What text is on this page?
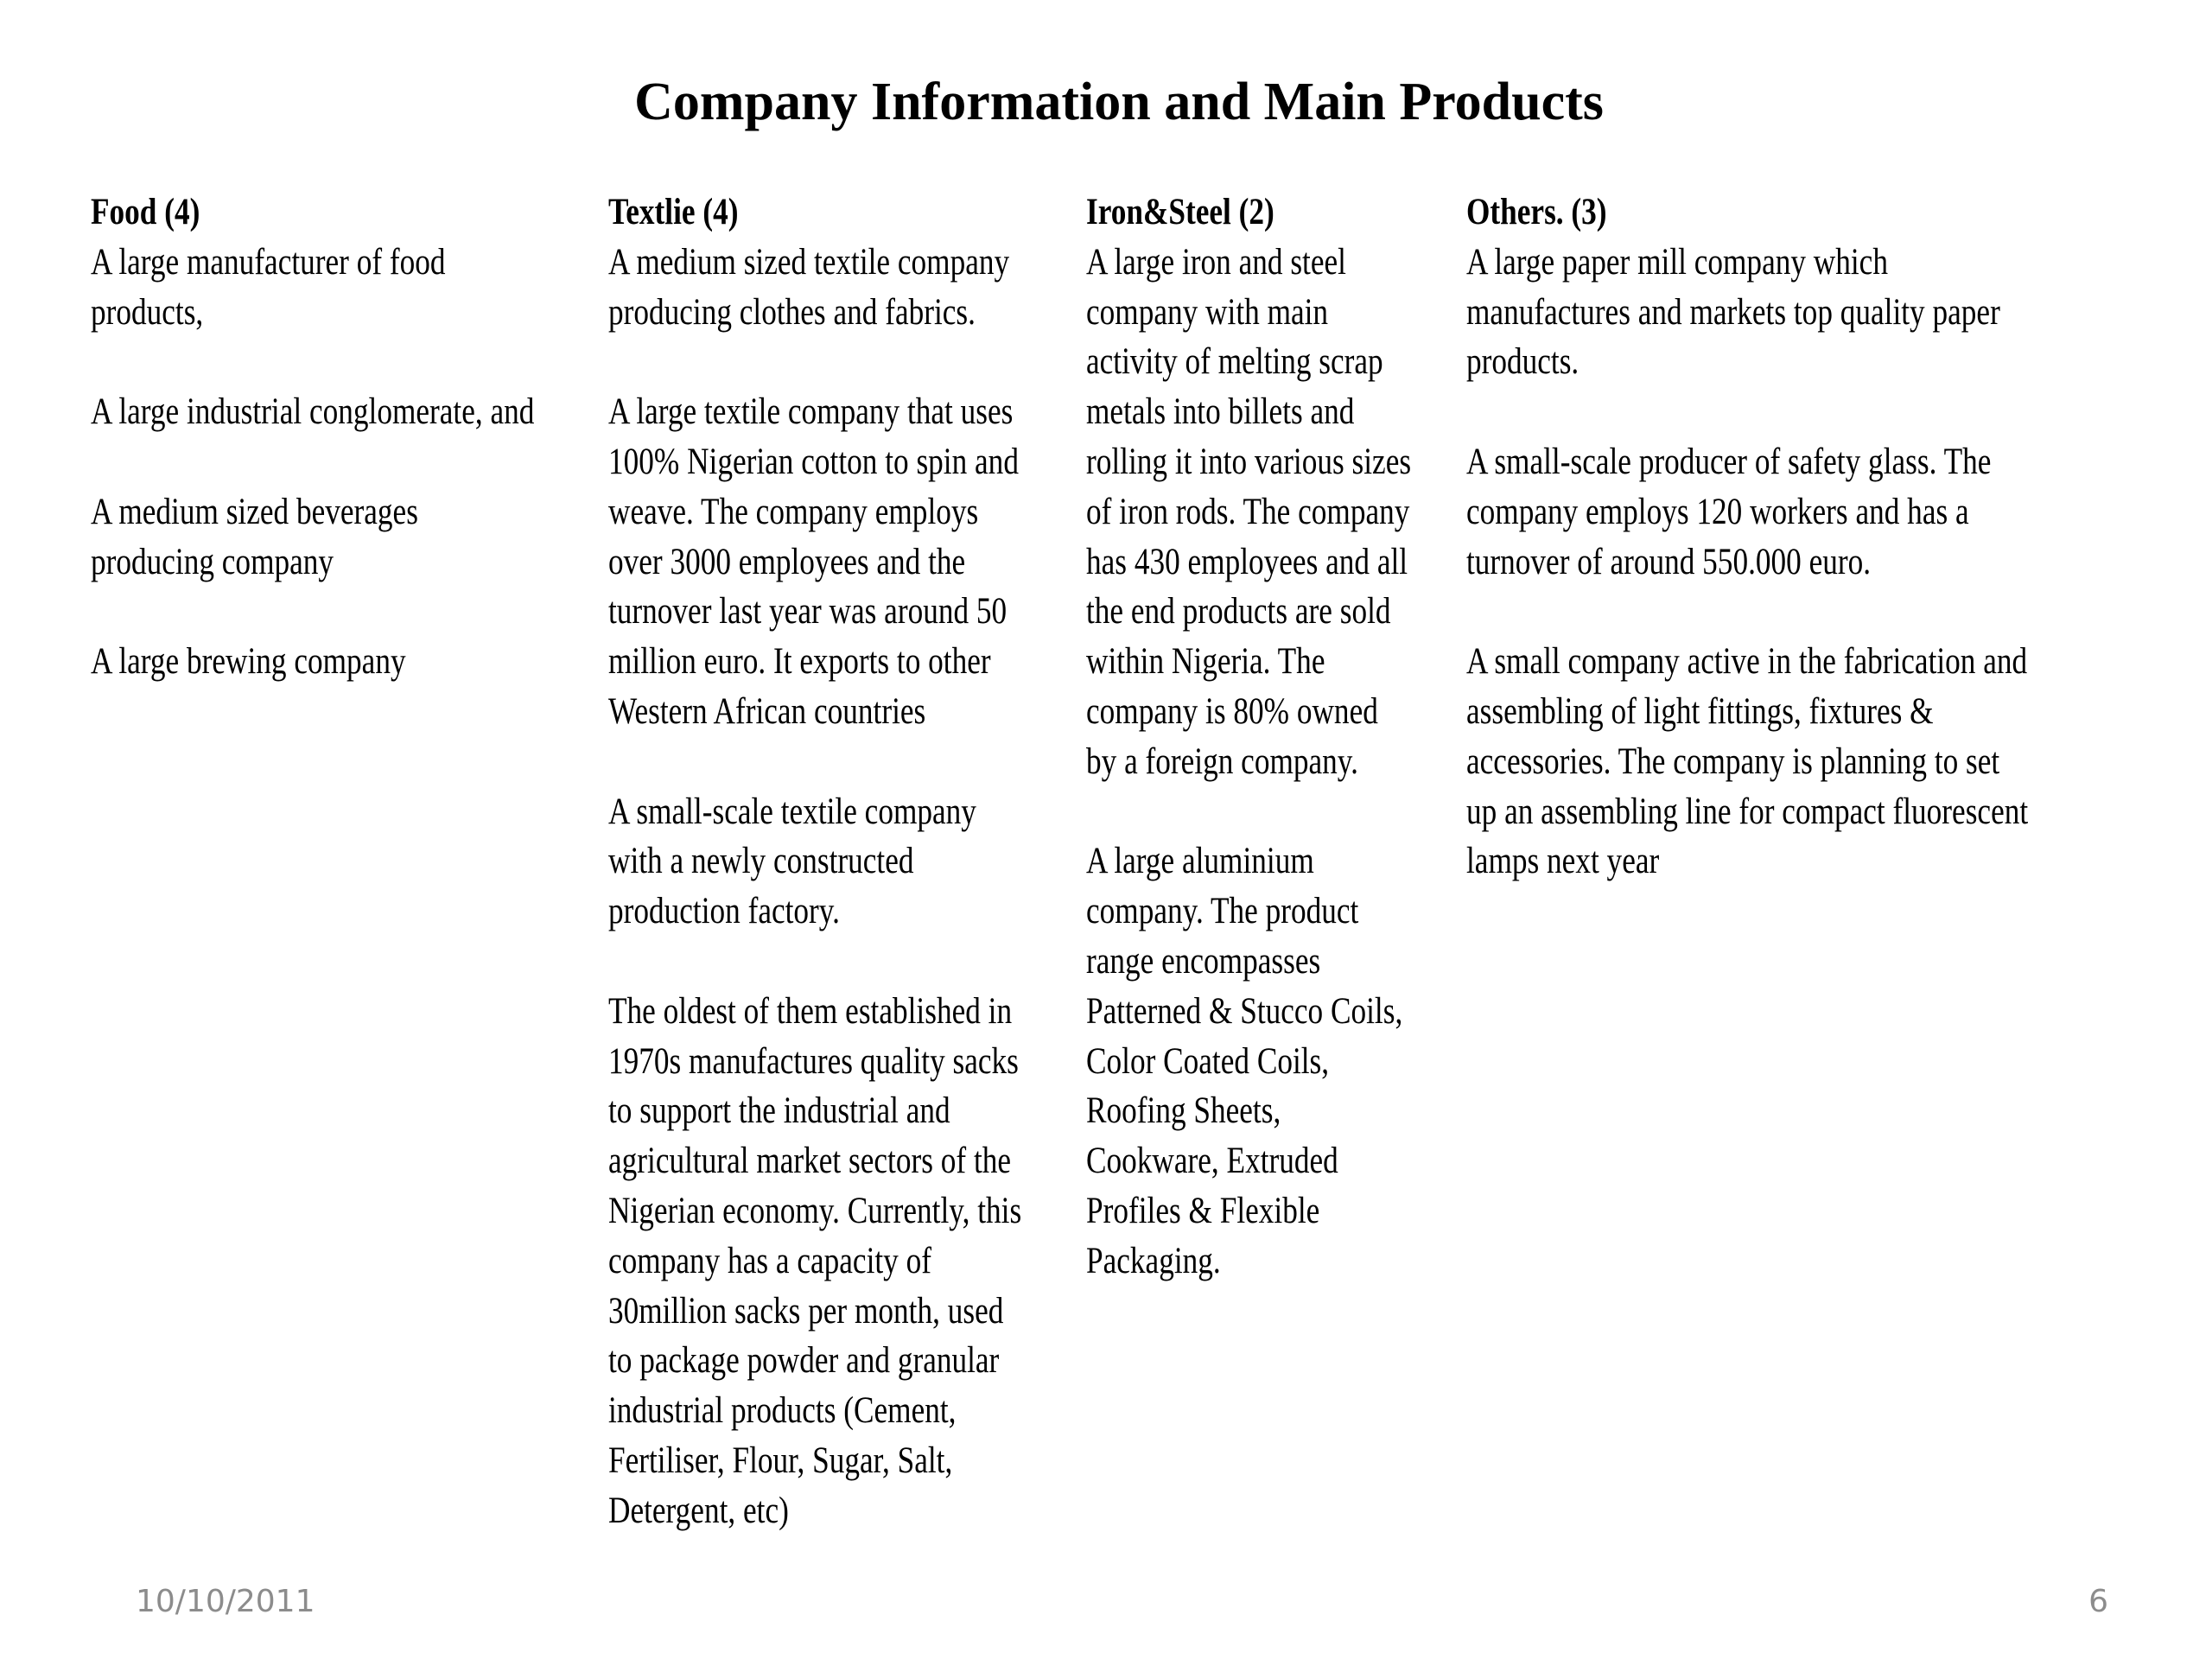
Company Information and Main Products

Food (4)

A large manufacturer of food
products,

A large industrial conglomerate, and

A medium sized beverages
producing company

A large brewing company

Textlie (4)

A medium sized textile company
producing clothes and fabrics.

A large textile company that uses
100% Nigerian cotton to spin and
weave. The company employs
over 3000 employees and the
turnover last year was around 50
million euro. It exports to other
Western African countries

A small-scale textile company
with a newly constructed
production factory.

The oldest of them established in
1970s manufactures quality sacks
to support the industrial and
agricultural market sectors of the
Nigerian economy. Currently, this
company has a capacity of
30million sacks per month, used
to package powder and granular
industrial products (Cement,
Fertiliser, Flour, Sugar, Salt,
Detergent, etc)

Iron&Steel (2)

A large iron and steel
company with main
activity of melting scrap
metals into billets and
rolling it into various sizes
of iron rods. The company
has 430 employees and all
the end products are sold
within Nigeria. The
company is 80% owned
by a foreign company.

A large aluminium
company. The product
range encompasses
Patterned & Stucco Coils,
Color Coated Coils,
Roofing Sheets,
Cookware, Extruded
Profiles & Flexible
Packaging.

Others. (3)

A large paper mill company which
manufactures and markets top quality paper
products.

A small-scale producer of safety glass. The
company employs 120 workers and has a
turnover of around 550.000 euro.

A small company active in the fabrication and
assembling of light fittings, fixtures &
accessories. The company is planning to set
up an assembling line for compact fluorescent
lamps next year

10/10/2011	6
